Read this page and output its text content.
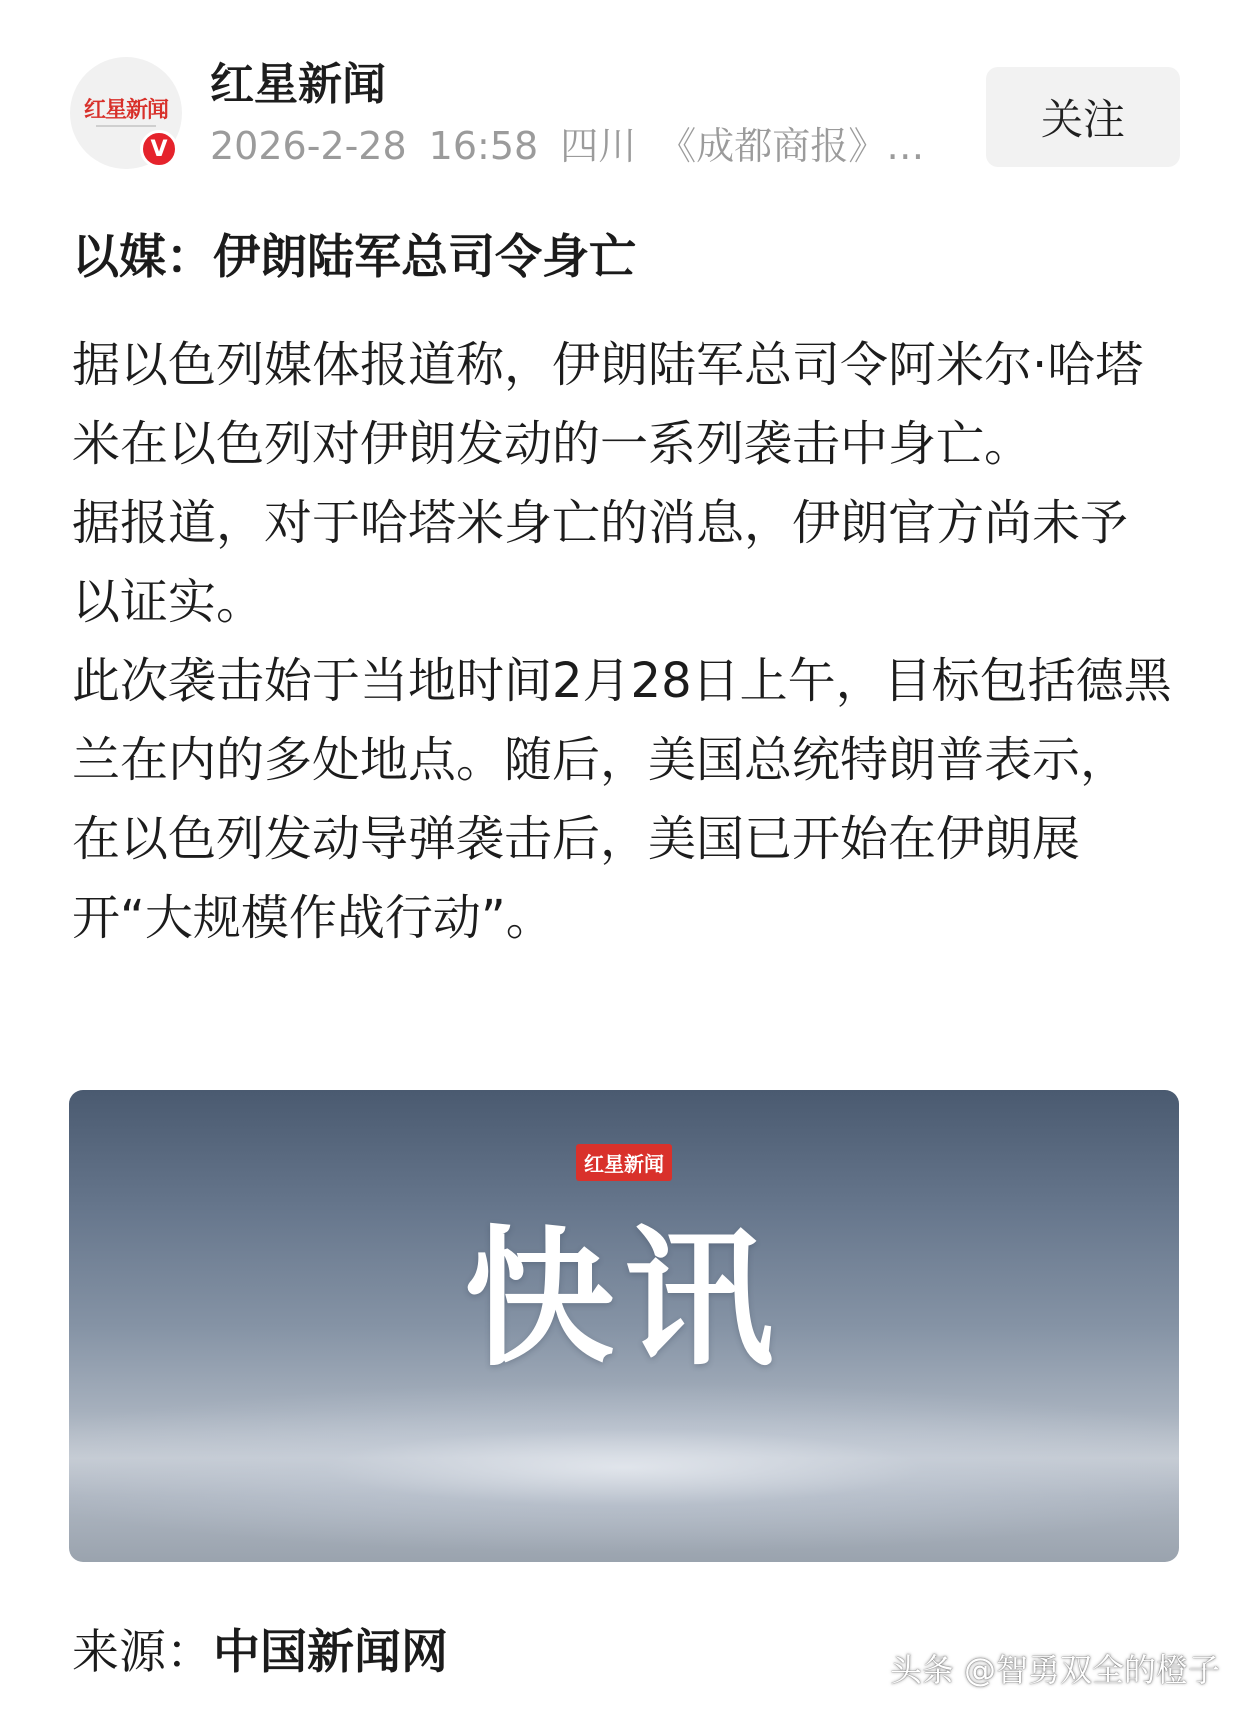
红星新闻
V
红星新闻
2026-2-28 16:58 四川 《成都商报》…
关注
以媒：伊朗陆军总司令身亡

据以色列媒体报道称，伊朗陆军总司令阿米尔·哈塔米在以色列对伊朗发动的一系列袭击中身亡。

据报道，对于哈塔米身亡的消息，伊朗官方尚未予以证实。

此次袭击始于当地时间2月28日上午，目标包括德黑兰在内的多处地点。随后，美国总统特朗普表示，在以色列发动导弹袭击后，美国已开始在伊朗展开“大规模作战行动”。

红星新闻
快讯
来源：中国新闻网	头条 @智勇双全的橙子
